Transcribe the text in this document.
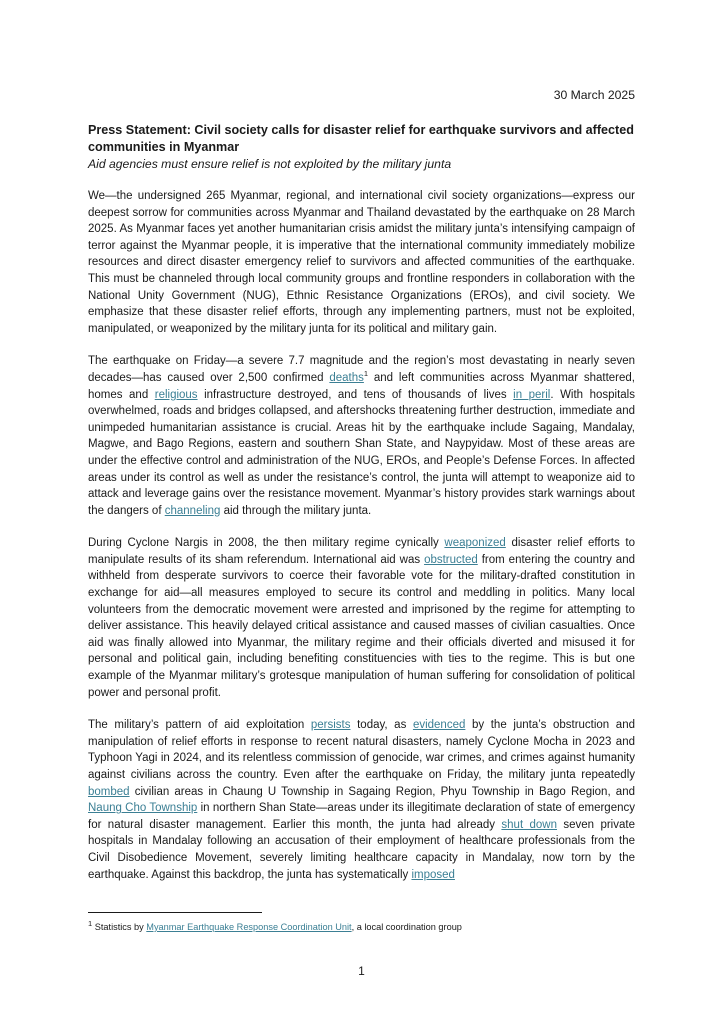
30 March 2025

Press Statement: Civil society calls for disaster relief for earthquake survivors and affected communities in Myanmar

Aid agencies must ensure relief is not exploited by the military junta

We—the undersigned 265 Myanmar, regional, and international civil society organizations—express our deepest sorrow for communities across Myanmar and Thailand devastated by the earthquake on 28 March 2025. As Myanmar faces yet another humanitarian crisis amidst the military junta’s intensifying campaign of terror against the Myanmar people, it is imperative that the international community immediately mobilize resources and direct disaster emergency relief to survivors and affected communities of the earthquake. This must be channeled through local community groups and frontline responders in collaboration with the National Unity Government (NUG), Ethnic Resistance Organizations (EROs), and civil society. We emphasize that these disaster relief efforts, through any implementing partners, must not be exploited, manipulated, or weaponized by the military junta for its political and military gain.

The earthquake on Friday—a severe 7.7 magnitude and the region’s most devastating in nearly seven decades—has caused over 2,500 confirmed deaths$^1$ and left communities across Myanmar shattered, homes and religious infrastructure destroyed, and tens of thousands of lives in peril. With hospitals overwhelmed, roads and bridges collapsed, and aftershocks threatening further destruction, immediate and unimpeded humanitarian assistance is crucial. Areas hit by the earthquake include Sagaing, Mandalay, Magwe, and Bago Regions, eastern and southern Shan State, and Naypyidaw. Most of these areas are under the effective control and administration of the NUG, EROs, and People’s Defense Forces. In affected areas under its control as well as under the resistance’s control, the junta will attempt to weaponize aid to attack and leverage gains over the resistance movement. Myanmar’s history provides stark warnings about the dangers of channeling aid through the military junta.

During Cyclone Nargis in 2008, the then military regime cynically weaponized disaster relief efforts to manipulate results of its sham referendum. International aid was obstructed from entering the country and withheld from desperate survivors to coerce their favorable vote for the military-drafted constitution in exchange for aid—all measures employed to secure its control and meddling in politics. Many local volunteers from the democratic movement were arrested and imprisoned by the regime for attempting to deliver assistance. This heavily delayed critical assistance and caused masses of civilian casualties. Once aid was finally allowed into Myanmar, the military regime and their officials diverted and misused it for personal and political gain, including benefiting constituencies with ties to the regime. This is but one example of the Myanmar military’s grotesque manipulation of human suffering for consolidation of political power and personal profit.

The military’s pattern of aid exploitation persists today, as evidenced by the junta’s obstruction and manipulation of relief efforts in response to recent natural disasters, namely Cyclone Mocha in 2023 and Typhoon Yagi in 2024, and its relentless commission of genocide, war crimes, and crimes against humanity against civilians across the country. Even after the earthquake on Friday, the military junta repeatedly bombed civilian areas in Chaung U Township in Sagaing Region, Phyu Township in Bago Region, and Naung Cho Township in northern Shan State—areas under its illegitimate declaration of state of emergency for natural disaster management. Earlier this month, the junta had already shut down seven private hospitals in Mandalay following an accusation of their employment of healthcare professionals from the Civil Disobedience Movement, severely limiting healthcare capacity in Mandalay, now torn by the earthquake. Against this backdrop, the junta has systematically imposed

$^1$ Statistics by Myanmar Earthquake Response Coordination Unit, a local coordination group
1
